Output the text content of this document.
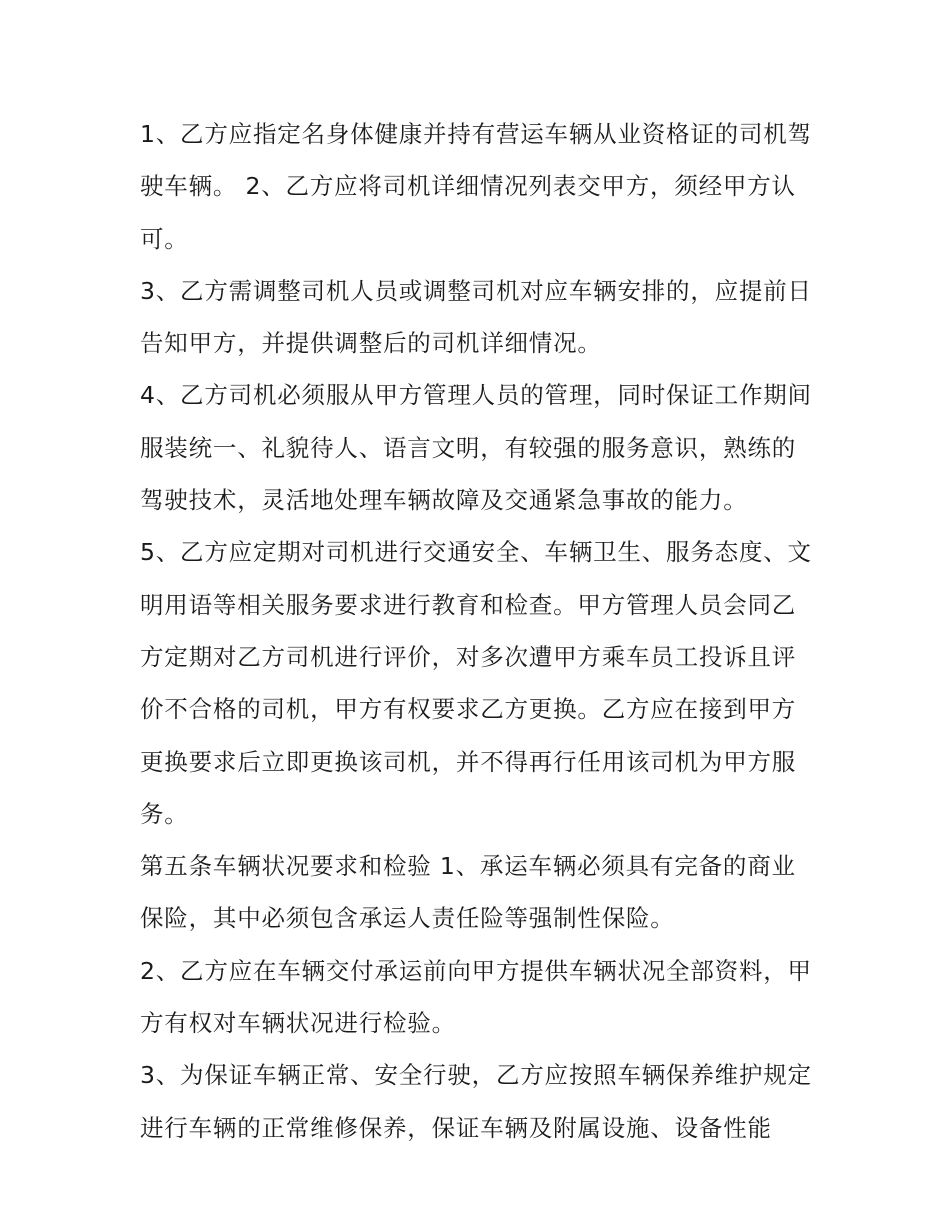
1、乙方应指定名身体健康并持有营运车辆从业资格证的司机驾驶车辆。 2、乙方应将司机详细情况列表交甲方，须经甲方认可。

3、乙方需调整司机人员或调整司机对应车辆安排的，应提前日告知甲方，并提供调整后的司机详细情况。

4、乙方司机必须服从甲方管理人员的管理，同时保证工作期间服装统一、礼貌待人、语言文明，有较强的服务意识，熟练的驾驶技术，灵活地处理车辆故障及交通紧急事故的能力。

5、乙方应定期对司机进行交通安全、车辆卫生、服务态度、文明用语等相关服务要求进行教育和检查。甲方管理人员会同乙方定期对乙方司机进行评价，对多次遭甲方乘车员工投诉且评价不合格的司机，甲方有权要求乙方更换。乙方应在接到甲方更换要求后立即更换该司机，并不得再行任用该司机为甲方服务。

第五条车辆状况要求和检验 1、承运车辆必须具有完备的商业保险，其中必须包含承运人责任险等强制性保险。

2、乙方应在车辆交付承运前向甲方提供车辆状况全部资料，甲方有权对车辆状况进行检验。

3、为保证车辆正常、安全行驶，乙方应按照车辆保养维护规定进行车辆的正常维修保养，保证车辆及附属设施、设备性能
